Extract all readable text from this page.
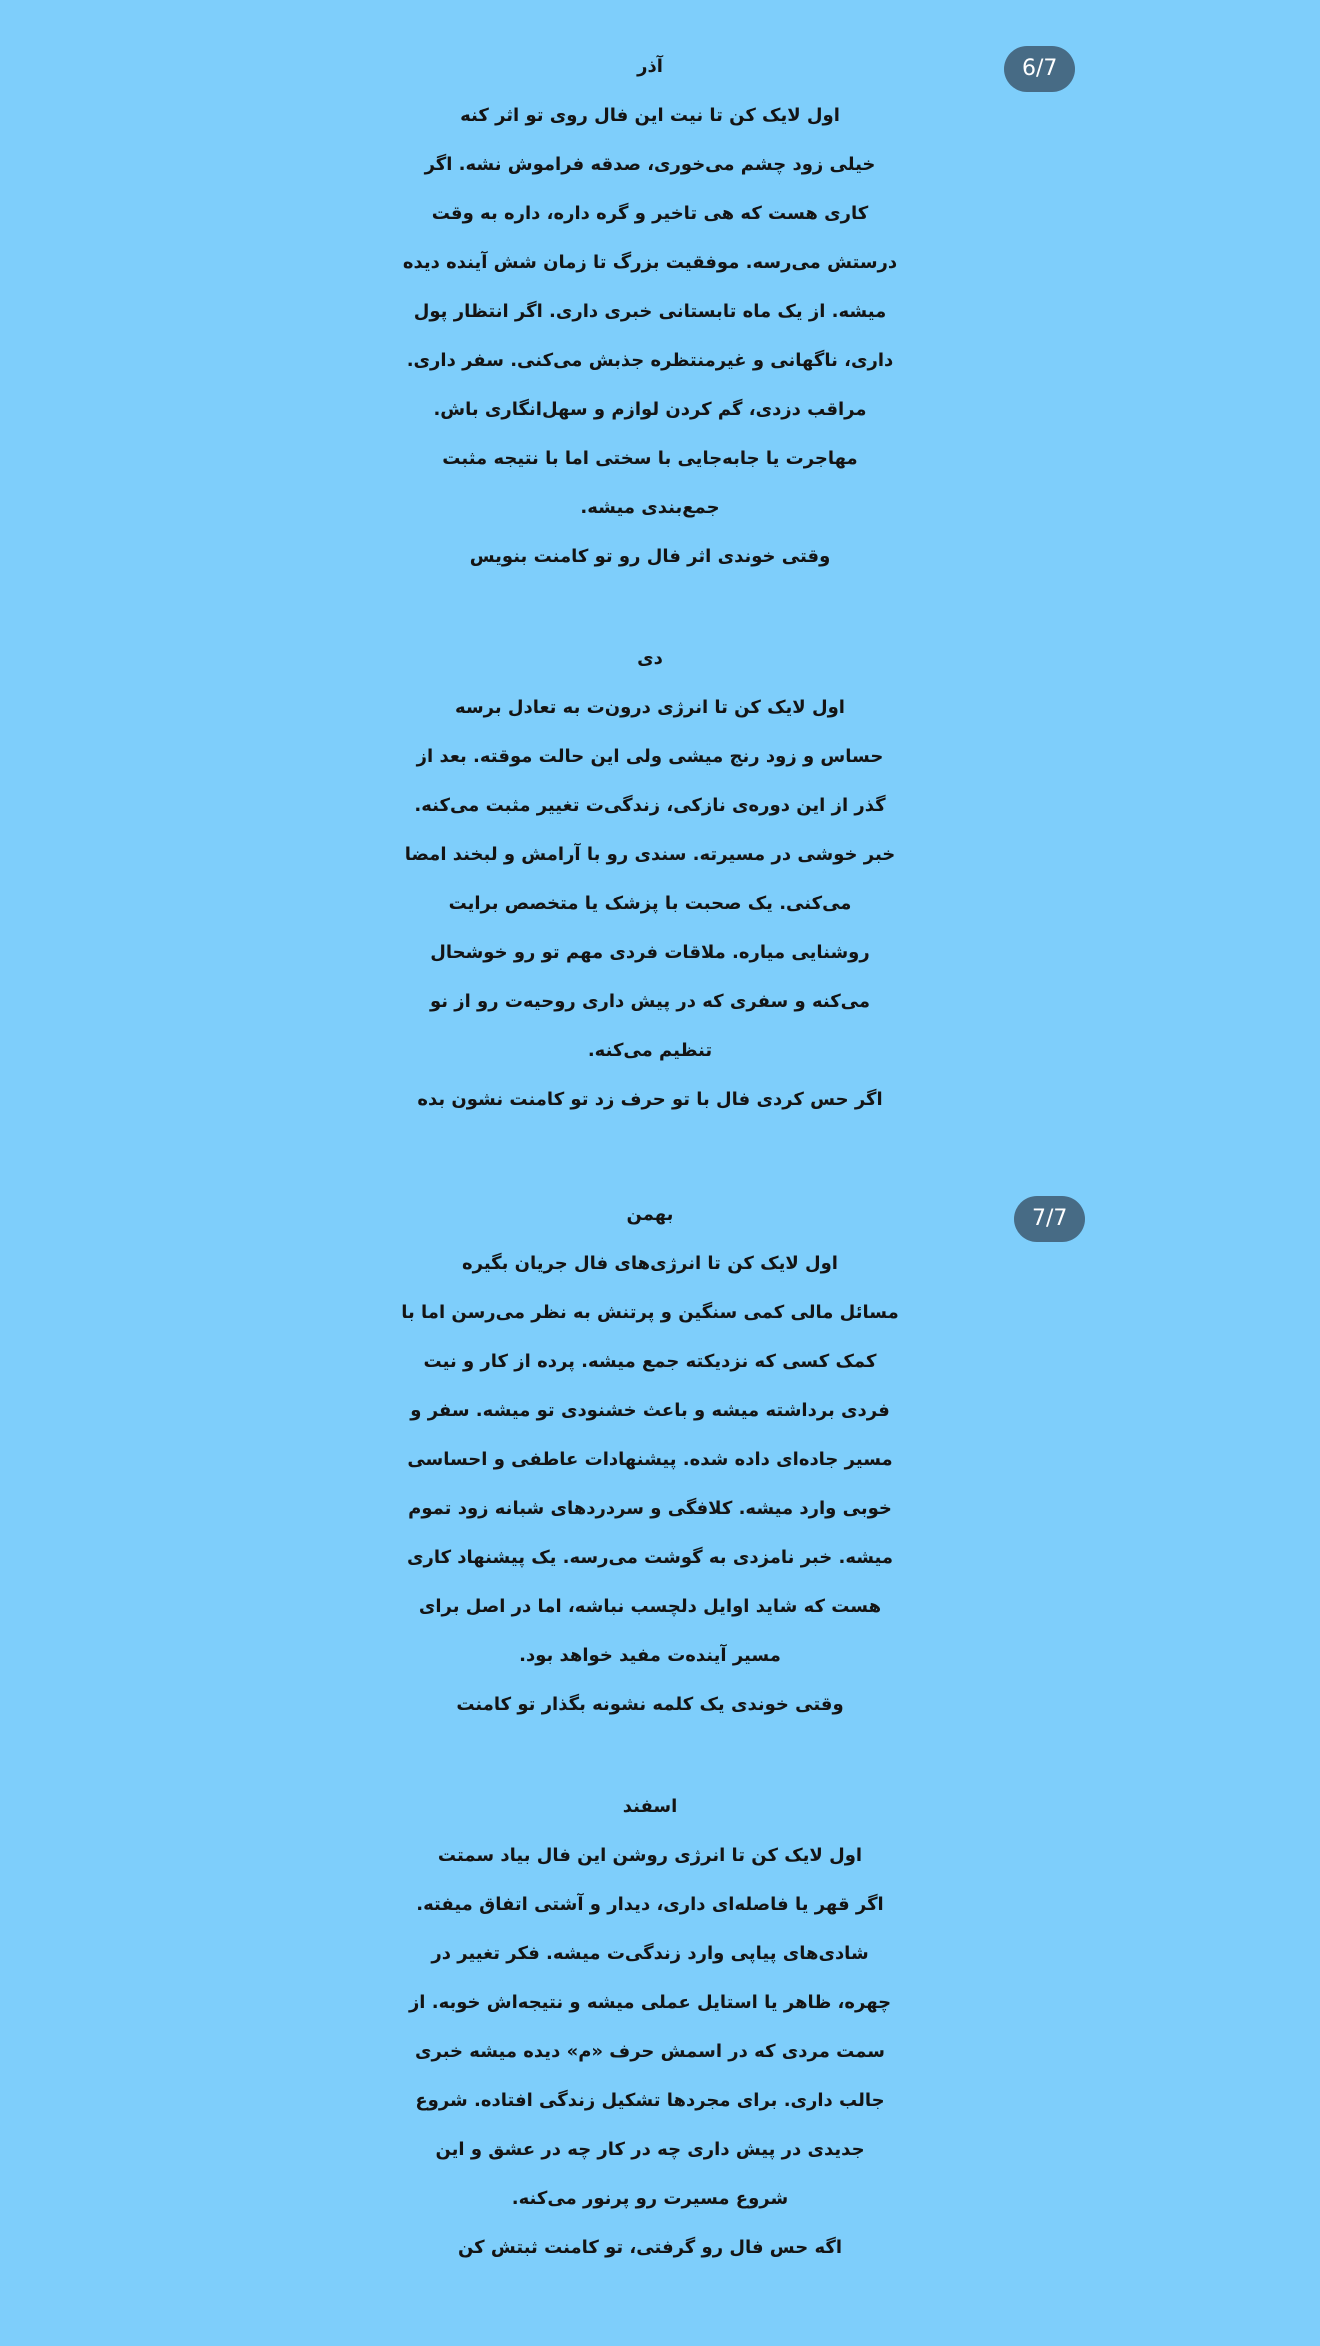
6/7
7/7
آذر
اول لایک کن تا نیت این فال روی تو اثر کنه
خیلی زود چشم می‌خوری، صدقه فراموش نشه. اگر
کاری هست که هی تاخیر و گره داره، داره به وقت
درستش می‌رسه. موفقیت بزرگ تا زمان شش آینده دیده
میشه. از یک ماه تابستانی خبری داری. اگر انتظار پول
داری، ناگهانی و غیرمنتظره جذبش می‌کنی. سفر داری.
مراقب دزدی، گم کردن لوازم و سهل‌انگاری باش.
مهاجرت یا جابه‌جایی با سختی اما با نتیجه مثبت
جمع‌بندی میشه.
وقتی خوندی اثر فال رو تو کامنت بنویس
دی
اول لایک کن تا انرژی درون‌ت به تعادل برسه
حساس و زود رنج میشی ولی این حالت موقته. بعد از
گذر از این دوره‌ی نازکی، زندگی‌ت تغییر مثبت می‌کنه.
خبر خوشی در مسیرته. سندی رو با آرامش و لبخند امضا
می‌کنی. یک صحبت با پزشک یا متخصص برایت
روشنایی میاره. ملاقات فردی مهم تو رو خوشحال
می‌کنه و سفری که در پیش داری روحیه‌ت رو از نو
تنظیم می‌کنه.
اگر حس کردی فال با تو حرف زد تو کامنت نشون بده
بهمن
اول لایک کن تا انرژی‌های فال جریان بگیره
مسائل مالی کمی سنگین و پرتنش به نظر می‌رسن اما با
کمک کسی که نزدیکته جمع میشه. پرده از کار و نیت
فردی برداشته میشه و باعث خشنودی تو میشه. سفر و
مسیر جاده‌ای داده شده. پیشنهادات عاطفی و احساسی
خوبی وارد میشه. کلافگی و سردردهای شبانه زود تموم
میشه. خبر نامزدی به گوشت می‌رسه. یک پیشنهاد کاری
هست که شاید اوایل دلچسب نباشه، اما در اصل برای
مسیر آینده‌ت مفید خواهد بود.
وقتی خوندی یک کلمه نشونه بگذار تو کامنت
اسفند
اول لایک کن تا انرژی روشن این فال بیاد سمتت
اگر قهر یا فاصله‌ای داری، دیدار و آشتی اتفاق میفته.
شادی‌های پیاپی وارد زندگی‌ت میشه. فکر تغییر در
چهره، ظاهر یا استایل عملی میشه و نتیجه‌اش خوبه. از
سمت مردی که در اسمش حرف «م» دیده میشه خبری
جالب داری. برای مجردها تشکیل زندگی افتاده. شروع
جدیدی در پیش داری چه در کار چه در عشق و این
شروع مسیرت رو پرنور می‌کنه.
اگه حس فال رو گرفتی، تو کامنت ثبتش کن
